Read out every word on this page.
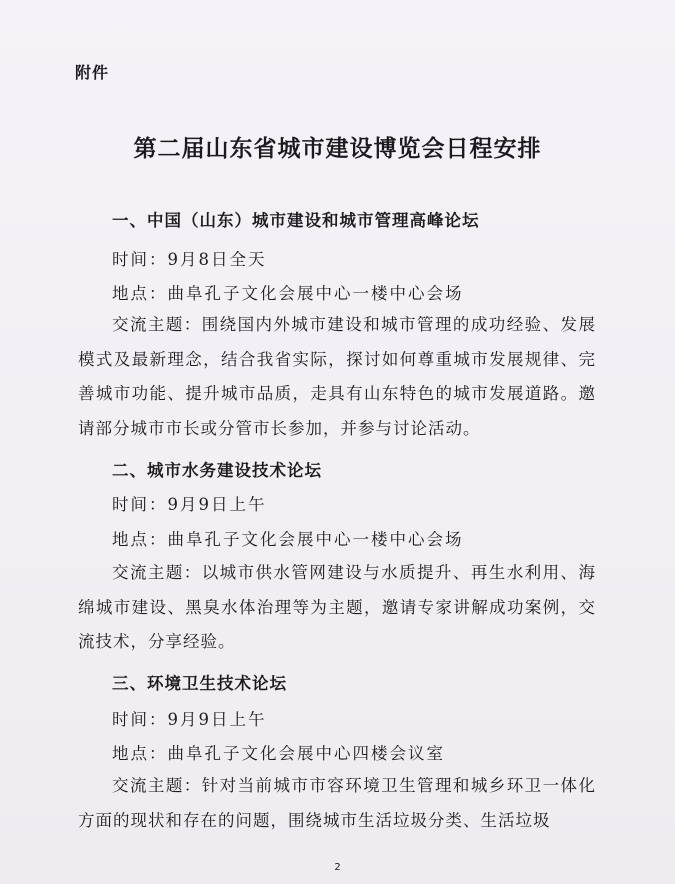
附件
第二届山东省城市建设博览会日程安排
一、中国（山东）城市建设和城市管理高峰论坛
时间：9月8日全天
地点：曲阜孔子文化会展中心一楼中心会场
交流主题：围绕国内外城市建设和城市管理的成功经验、发展模式及最新理念，结合我省实际，探讨如何尊重城市发展规律、完善城市功能、提升城市品质，走具有山东特色的城市发展道路。邀请部分城市市长或分管市长参加，并参与讨论活动。
二、城市水务建设技术论坛
时间：9月9日上午
地点：曲阜孔子文化会展中心一楼中心会场
交流主题：以城市供水管网建设与水质提升、再生水利用、海绵城市建设、黑臭水体治理等为主题，邀请专家讲解成功案例，交流技术，分享经验。
三、环境卫生技术论坛
时间：9月9日上午
地点：曲阜孔子文化会展中心四楼会议室
交流主题：针对当前城市市容环境卫生管理和城乡环卫一体化方面的现状和存在的问题，围绕城市生活垃圾分类、生活垃圾
2
